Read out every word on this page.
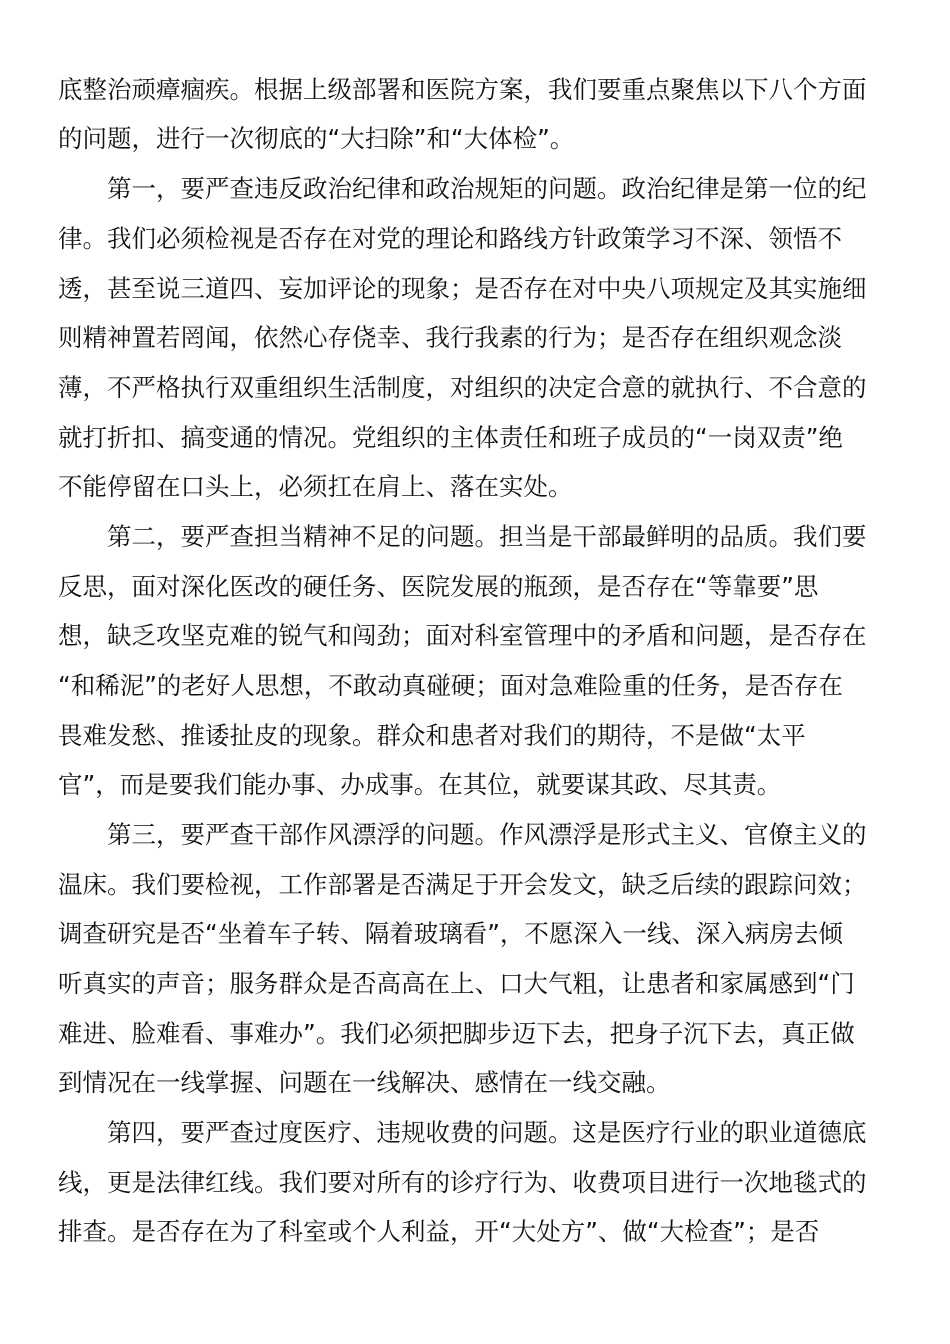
底整治顽瘴痼疾。根据上级部署和医院方案，我们要重点聚焦以下八个方面
的问题，进行一次彻底的“大扫除”和“大体检”。
第一，要严查违反政治纪律和政治规矩的问题。政治纪律是第一位的纪
律。我们必须检视是否存在对党的理论和路线方针政策学习不深、领悟不
透，甚至说三道四、妄加评论的现象；是否存在对中央八项规定及其实施细
则精神置若罔闻，依然心存侥幸、我行我素的行为；是否存在组织观念淡
薄，不严格执行双重组织生活制度，对组织的决定合意的就执行、不合意的
就打折扣、搞变通的情况。党组织的主体责任和班子成员的“一岗双责”绝
不能停留在口头上，必须扛在肩上、落在实处。
第二，要严查担当精神不足的问题。担当是干部最鲜明的品质。我们要
反思，面对深化医改的硬任务、医院发展的瓶颈，是否存在“等靠要”思
想，缺乏攻坚克难的锐气和闯劲；面对科室管理中的矛盾和问题，是否存在
“和稀泥”的老好人思想，不敢动真碰硬；面对急难险重的任务，是否存在
畏难发愁、推诿扯皮的现象。群众和患者对我们的期待，不是做“太平
官”，而是要我们能办事、办成事。在其位，就要谋其政、尽其责。
第三，要严查干部作风漂浮的问题。作风漂浮是形式主义、官僚主义的
温床。我们要检视，工作部署是否满足于开会发文，缺乏后续的跟踪问效；
调查研究是否“坐着车子转、隔着玻璃看”，不愿深入一线、深入病房去倾
听真实的声音；服务群众是否高高在上、口大气粗，让患者和家属感到“门
难进、脸难看、事难办”。我们必须把脚步迈下去，把身子沉下去，真正做
到情况在一线掌握、问题在一线解决、感情在一线交融。
第四，要严查过度医疗、违规收费的问题。这是医疗行业的职业道德底
线，更是法律红线。我们要对所有的诊疗行为、收费项目进行一次地毯式的
排查。是否存在为了科室或个人利益，开“大处方”、做“大检查”；是否
